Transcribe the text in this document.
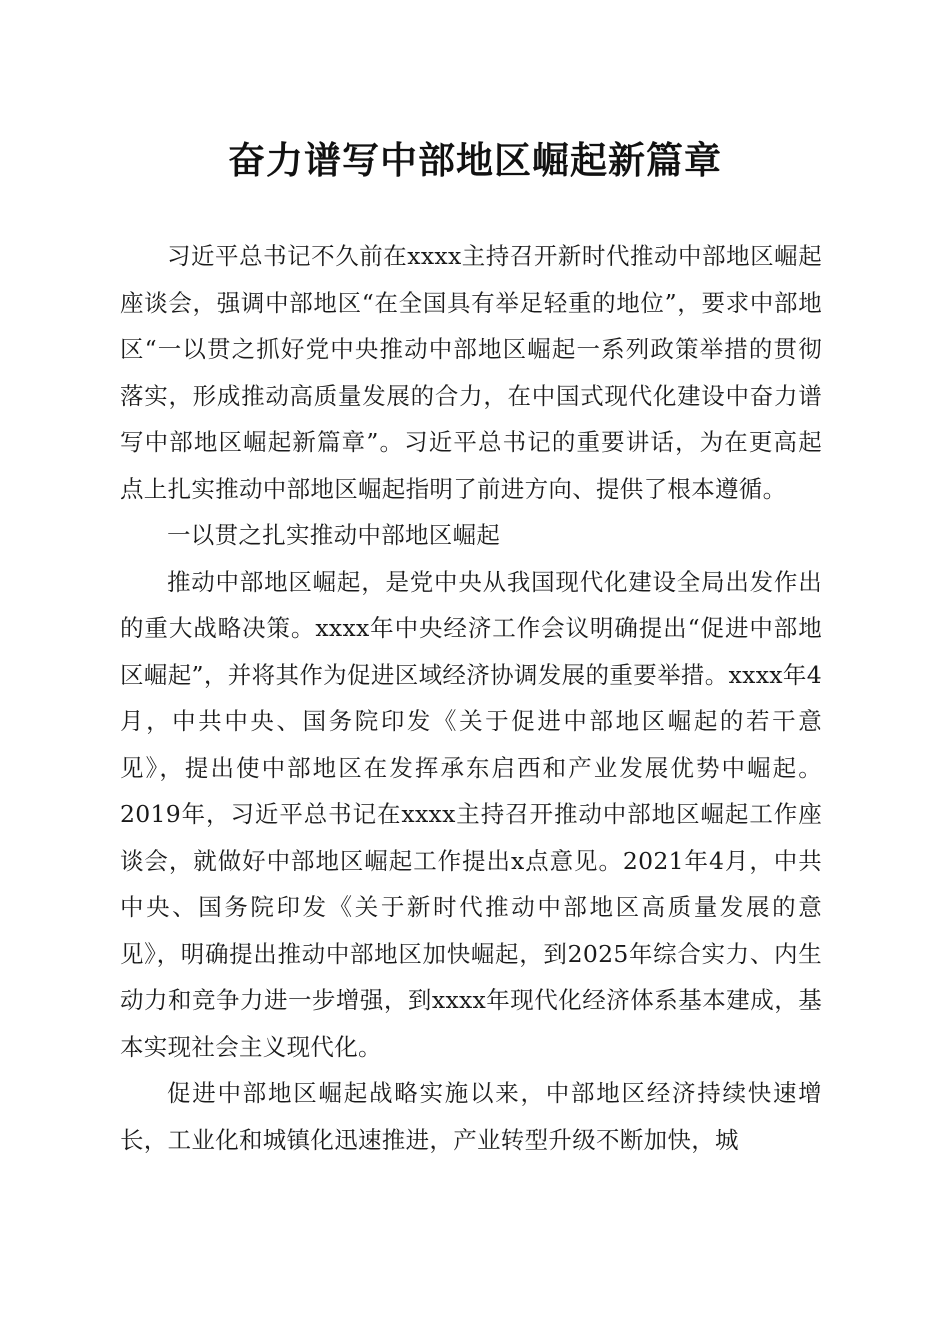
奋力谱写中部地区崛起新篇章

习近平总书记不久前在xxxx主持召开新时代推动中部地区崛起座谈会，强调中部地区“在全国具有举足轻重的地位”，要求中部地区“一以贯之抓好党中央推动中部地区崛起一系列政策举措的贯彻落实，形成推动高质量发展的合力，在中国式现代化建设中奋力谱写中部地区崛起新篇章”。习近平总书记的重要讲话，为在更高起点上扎实推动中部地区崛起指明了前进方向、提供了根本遵循。

一以贯之扎实推动中部地区崛起

推动中部地区崛起，是党中央从我国现代化建设全局出发作出的重大战略决策。xxxx年中央经济工作会议明确提出“促进中部地区崛起”，并将其作为促进区域经济协调发展的重要举措。xxxx年4月，中共中央、国务院印发《关于促进中部地区崛起的若干意见》，提出使中部地区在发挥承东启西和产业发展优势中崛起。2019年，习近平总书记在xxxx主持召开推动中部地区崛起工作座谈会，就做好中部地区崛起工作提出x点意见。2021年4月，中共中央、国务院印发《关于新时代推动中部地区高质量发展的意见》，明确提出推动中部地区加快崛起，到2025年综合实力、内生动力和竞争力进一步增强，到xxxx年现代化经济体系基本建成，基本实现社会主义现代化。

促进中部地区崛起战略实施以来，中部地区经济持续快速增长，工业化和城镇化迅速推进，产业转型升级不断加快，城
